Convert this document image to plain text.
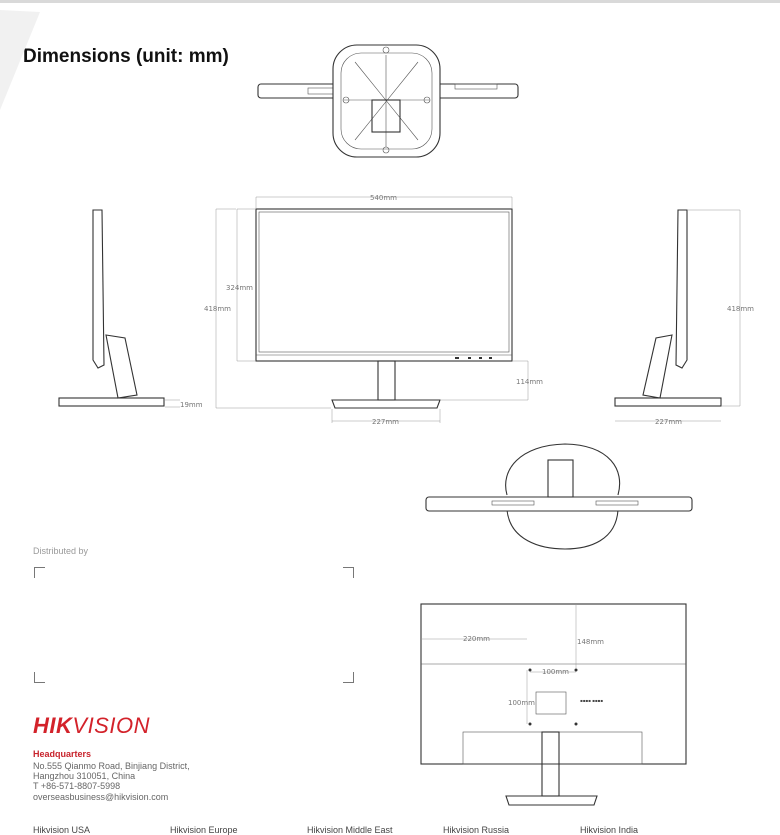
Dimensions (unit: mm)
19mm
540mm
324mm
418mm
114mm
227mm
418mm
227mm
▪▪▪▪ ▪▪▪▪
220mm	148mm
100mm
100mm
Distributed by
HIKVISION
Headquarters
No.555 Qianmo Road, Binjiang District,
Hangzhou 310051, China
T +86-571-8807-5998
overseasbusiness@hikvision.com
Hikvision USA	Hikvision Europe	Hikvision Middle East	Hikvision Russia	Hikvision India
